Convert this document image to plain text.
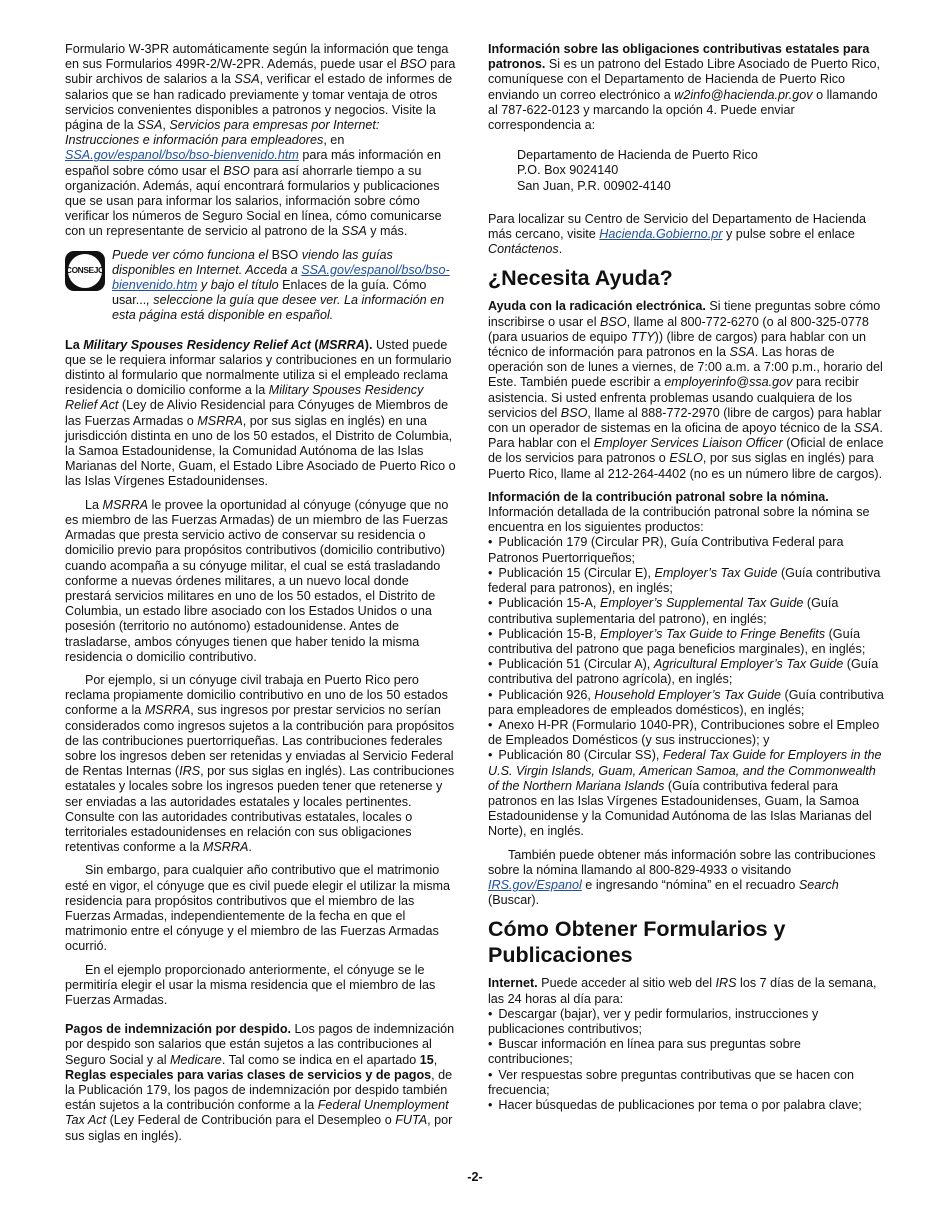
Formulario W-3PR automáticamente según la información que tenga en sus Formularios 499R-2/W-2PR. Además, puede usar el BSO para subir archivos de salarios a la SSA, verificar el estado de informes de salarios que se han radicado previamente y tomar ventaja de otros servicios convenientes disponibles a patronos y negocios. Visite la página de la SSA, Servicios para empresas por Internet: Instrucciones e información para empleadores, en SSA.gov/espanol/bso/bso-bienvenido.htm para más información en español sobre cómo usar el BSO para así ahorrarle tiempo a su organización. Además, aquí encontrará formularios y publicaciones que se usan para informar los salarios, información sobre cómo verificar los números de Seguro Social en línea, cómo comunicarse con un representante de servicio al patrono de la SSA y más.

CONSEJO
Puede ver cómo funciona el BSO viendo las guías disponibles en Internet. Acceda a SSA.gov/espanol/bso/bso-bienvenido.htm y bajo el título Enlaces de la guía. Cómo usar..., seleccione la guía que desee ver. La información en esta página está disponible en español.

La Military Spouses Residency Relief Act (MSRRA). Usted puede que se le requiera informar salarios y contribuciones en un formulario distinto al formulario que normalmente utiliza si el empleado reclama residencia o domicilio conforme a la Military Spouses Residency Relief Act (Ley de Alivio Residencial para Cónyuges de Miembros de las Fuerzas Armadas o MSRRA, por sus siglas en inglés) en una jurisdicción distinta en uno de los 50 estados, el Distrito de Columbia, la Samoa Estadounidense, la Comunidad Autónoma de las Islas Marianas del Norte, Guam, el Estado Libre Asociado de Puerto Rico o las Islas Vírgenes Estadounidenses.

La MSRRA le provee la oportunidad al cónyuge (cónyuge que no es miembro de las Fuerzas Armadas) de un miembro de las Fuerzas Armadas que presta servicio activo de conservar su residencia o domicilio previo para propósitos contributivos (domicilio contributivo) cuando acompaña a su cónyuge militar, el cual se está trasladando conforme a nuevas órdenes militares, a un nuevo local donde prestará servicios militares en uno de los 50 estados, el Distrito de Columbia, un estado libre asociado con los Estados Unidos o una posesión (territorio no autónomo) estadounidense. Antes de trasladarse, ambos cónyuges tienen que haber tenido la misma residencia o domicilio contributivo.

Por ejemplo, si un cónyuge civil trabaja en Puerto Rico pero reclama propiamente domicilio contributivo en uno de los 50 estados conforme a la MSRRA, sus ingresos por prestar servicios no serían considerados como ingresos sujetos a la contribución para propósitos de las contribuciones puertorriqueñas. Las contribuciones federales sobre los ingresos deben ser retenidas y enviadas al Servicio Federal de Rentas Internas (IRS, por sus siglas en inglés). Las contribuciones estatales y locales sobre los ingresos pueden tener que retenerse y ser enviadas a las autoridades estatales y locales pertinentes. Consulte con las autoridades contributivas estatales, locales o territoriales estadounidenses en relación con sus obligaciones retentivas conforme a la MSRRA.

Sin embargo, para cualquier año contributivo que el matrimonio esté en vigor, el cónyuge que es civil puede elegir el utilizar la misma residencia para propósitos contributivos que el miembro de las Fuerzas Armadas, independientemente de la fecha en que el matrimonio entre el cónyuge y el miembro de las Fuerzas Armadas ocurrió.

En el ejemplo proporcionado anteriormente, el cónyuge se le permitiría elegir el usar la misma residencia que el miembro de las Fuerzas Armadas.

Pagos de indemnización por despido. Los pagos de indemnización por despido son salarios que están sujetos a las contribuciones al Seguro Social y al Medicare. Tal como se indica en el apartado 15, Reglas especiales para varias clases de servicios y de pagos, de la Publicación 179, los pagos de indemnización por despido también están sujetos a la contribución conforme a la Federal Unemployment Tax Act (Ley Federal de Contribución para el Desempleo o FUTA, por sus siglas en inglés).

Información sobre las obligaciones contributivas estatales para patronos. Si es un patrono del Estado Libre Asociado de Puerto Rico, comuníquese con el Departamento de Hacienda de Puerto Rico enviando un correo electrónico a w2info@hacienda.pr.gov o llamando al 787-622-0123 y marcando la opción 4. Puede enviar correspondencia a:

Departamento de Hacienda de Puerto Rico
P.O. Box 9024140
San Juan, P.R. 00902-4140

Para localizar su Centro de Servicio del Departamento de Hacienda más cercano, visite Hacienda.Gobierno.pr y pulse sobre el enlace Contáctenos.

¿Necesita Ayuda?

Ayuda con la radicación electrónica. Si tiene preguntas sobre cómo inscribirse o usar el BSO, llame al 800-772-6270 (o al 800-325-0778 (para usuarios de equipo TTY)) (libre de cargos) para hablar con un técnico de información para patronos en la SSA. Las horas de operación son de lunes a viernes, de 7:00 a.m. a 7:00 p.m., horario del Este. También puede escribir a employerinfo@ssa.gov para recibir asistencia. Si usted enfrenta problemas usando cualquiera de los servicios del BSO, llame al 888-772-2970 (libre de cargos) para hablar con un operador de sistemas en la oficina de apoyo técnico de la SSA. Para hablar con el Employer Services Liaison Officer (Oficial de enlace de los servicios para patronos o ESLO, por sus siglas en inglés) para Puerto Rico, llame al 212-264-4402 (no es un número libre de cargos).

Información de la contribución patronal sobre la nómina.
Información detallada de la contribución patronal sobre la nómina se encuentra en los siguientes productos:

• Publicación 179 (Circular PR), Guía Contributiva Federal para Patronos Puertorriqueños;
• Publicación 15 (Circular E), Employer’s Tax Guide (Guía contributiva federal para patronos), en inglés;
• Publicación 15-A, Employer’s Supplemental Tax Guide (Guía contributiva suplementaria del patrono), en inglés;
• Publicación 15-B, Employer’s Tax Guide to Fringe Benefits (Guía contributiva del patrono que paga beneficios marginales), en inglés;
• Publicación 51 (Circular A), Agricultural Employer’s Tax Guide (Guía contributiva del patrono agrícola), en inglés;
• Publicación 926, Household Employer’s Tax Guide (Guía contributiva para empleadores de empleados domésticos), en inglés;
• Anexo H-PR (Formulario 1040-PR), Contribuciones sobre el Empleo de Empleados Domésticos (y sus instrucciones); y
• Publicación 80 (Circular SS), Federal Tax Guide for Employers in the U.S. Virgin Islands, Guam, American Samoa, and the Commonwealth of the Northern Mariana Islands (Guía contributiva federal para patronos en las Islas Vírgenes Estadounidenses, Guam, la Samoa Estadounidense y la Comunidad Autónoma de las Islas Marianas del Norte), en inglés.

También puede obtener más información sobre las contribuciones sobre la nómina llamando al 800-829-4933 o visitando IRS.gov/Espanol e ingresando “nómina” en el recuadro Search (Buscar).

Cómo Obtener Formularios y Publicaciones

Internet. Puede acceder al sitio web del IRS los 7 días de la semana, las 24 horas al día para:

• Descargar (bajar), ver y pedir formularios, instrucciones y publicaciones contributivos;
• Buscar información en línea para sus preguntas sobre contribuciones;
• Ver respuestas sobre preguntas contributivas que se hacen con frecuencia;
• Hacer búsquedas de publicaciones por tema o por palabra clave;
-2-
